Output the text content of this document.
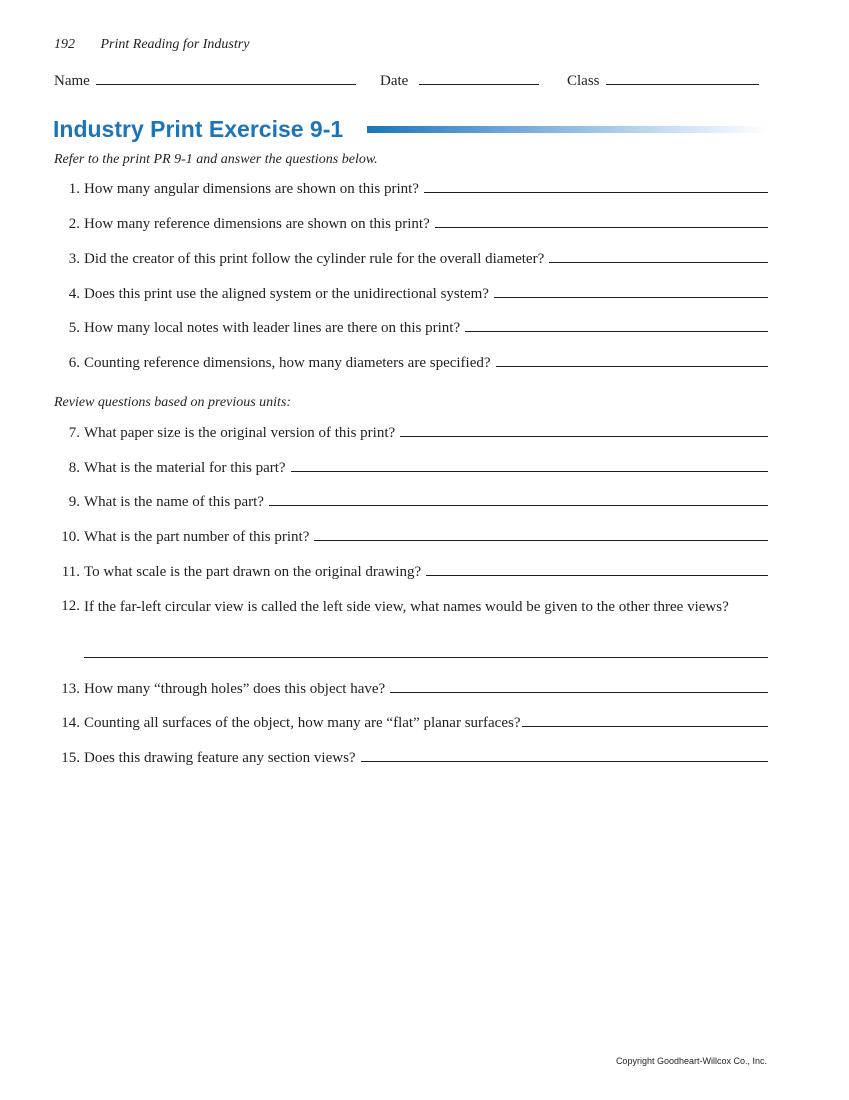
192 Print Reading for Industry
Name	Date	Class
Industry Print Exercise 9-1
Refer to the print PR 9-1 and answer the questions below.
1. How many angular dimensions are shown on this print?
2. How many reference dimensions are shown on this print?
3. Did the creator of this print follow the cylinder rule for the overall diameter?
4. Does this print use the aligned system or the unidirectional system?
5. How many local notes with leader lines are there on this print?
6. Counting reference dimensions, how many diameters are specified?
Review questions based on previous units:
7. What paper size is the original version of this print?
8. What is the material for this part?
9. What is the name of this part?
10. What is the part number of this print?
11. To what scale is the part drawn on the original drawing?
12. If the far-left circular view is called the left side view, what names would be given to the other three views?
13. How many “through holes” does this object have?
14. Counting all surfaces of the object, how many are “flat” planar surfaces?
15. Does this drawing feature any section views?
Copyright Goodheart-Willcox Co., Inc.
